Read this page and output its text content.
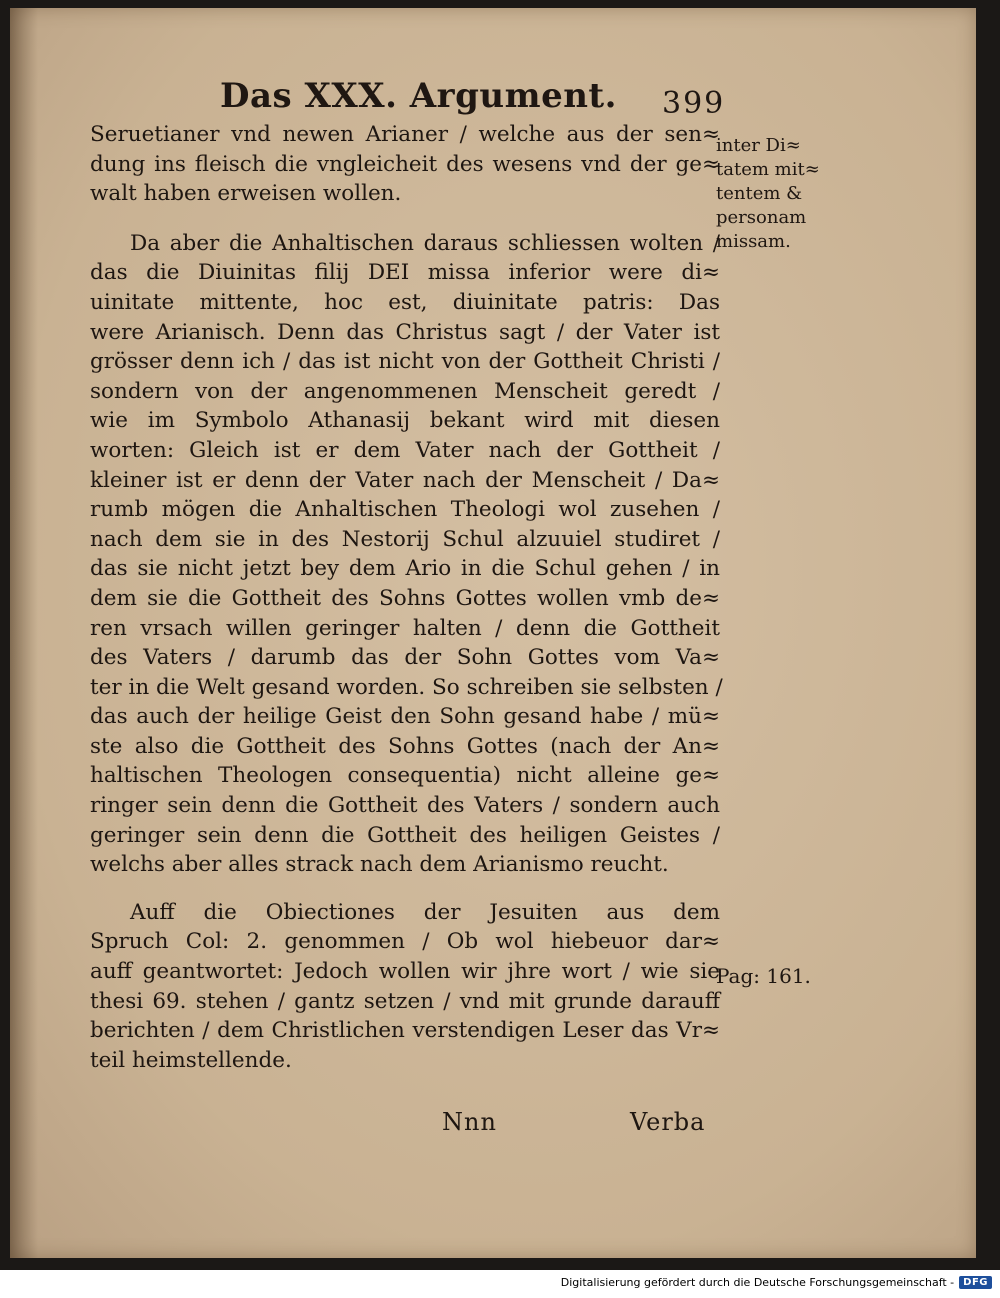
Das XXX. Argument. 399
Seruetianer vnd newen Arianer / welche aus der sen≈
dung ins fleisch die vngleicheit des wesens vnd der ge≈
walt haben erweisen wollen.
Da aber die Anhaltischen daraus schliessen wolten /
das die Diuinitas filij DEI missa inferior were di≈
uinitate mittente, hoc est, diuinitate patris: Das
were Arianisch. Denn das Christus sagt / der Vater ist
grösser denn ich / das ist nicht von der Gottheit Christi /
sondern von der angenommenen Menscheit geredt /
wie im Symbolo Athanasij bekant wird mit diesen
worten: Gleich ist er dem Vater nach der Gottheit /
kleiner ist er denn der Vater nach der Menscheit / Da≈
rumb mögen die Anhaltischen Theologi wol zusehen /
nach dem sie in des Nestorij Schul alzuuiel studiret /
das sie nicht jetzt bey dem Ario in die Schul gehen / in
dem sie die Gottheit des Sohns Gottes wollen vmb de≈
ren vrsach willen geringer halten / denn die Gottheit
des Vaters / darumb das der Sohn Gottes vom Va≈
ter in die Welt gesand worden. So schreiben sie selbsten /
das auch der heilige Geist den Sohn gesand habe / mü≈
ste also die Gottheit des Sohns Gottes (nach der An≈
haltischen Theologen consequentia) nicht alleine ge≈
ringer sein denn die Gottheit des Vaters / sondern auch
geringer sein denn die Gottheit des heiligen Geistes /
welchs aber alles strack nach dem Arianismo reucht.
Auff die Obiectiones der Jesuiten aus dem
Spruch Col: 2. genommen / Ob wol hiebeuor dar≈
auff geantwortet: Jedoch wollen wir jhre wort / wie sie
thesi 69. stehen / gantz setzen / vnd mit grunde darauff
berichten / dem Christlichen verstendigen Leser das Vr≈
teil heimstellende.
inter Di≈
tatem mit≈
tentem &
personam
missam.
Pag: 161.
Nnn	Verba
Digitalisierung gefördert durch die Deutsche Forschungsgemeinschaft - DFG
